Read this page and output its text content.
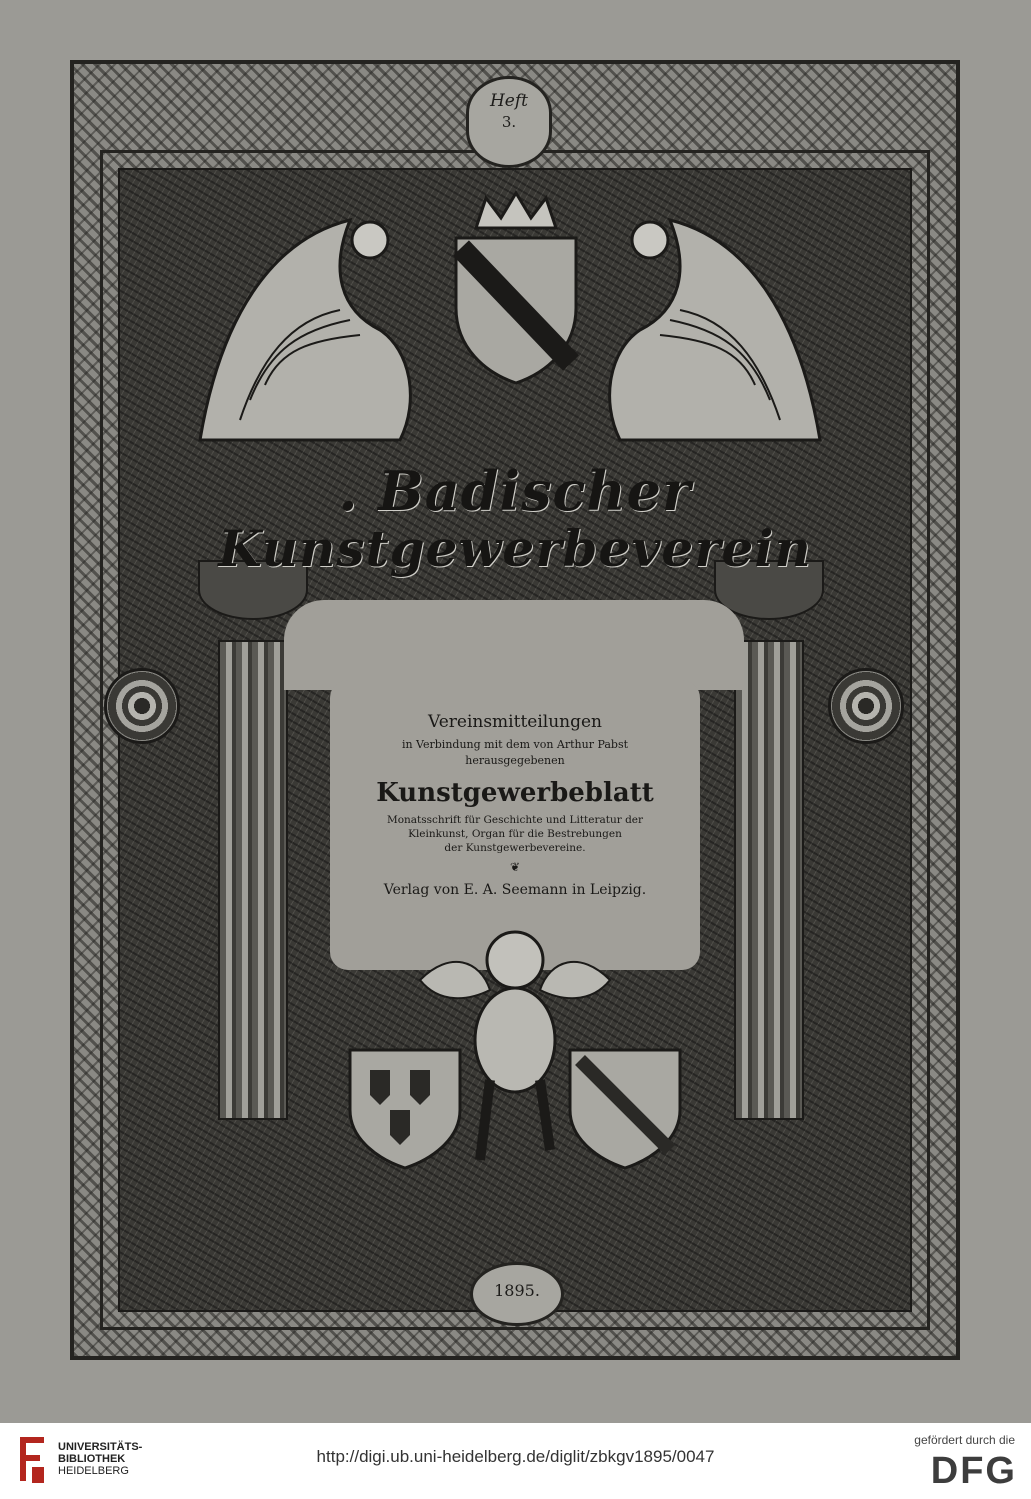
Heft
3.
. Badischer
Kunstgewerbeverein
Vereinsmitteilungen
in Verbindung mit dem von Arthur Pabst
herausgegebenen
Kunstgewerbeblatt
Monatsschrift für Geschichte und Litteratur der
Kleinkunst, Organ für die Bestrebungen
der Kunstgewerbevereine.
❦
Verlag von E. A. Seemann in Leipzig.
1895.
UNIVERSITÄTS-
BIBLIOTHEK
HEIDELBERG
http://digi.ub.uni-heidelberg.de/diglit/zbkgv1895/0047
gefördert durch die
DFG
